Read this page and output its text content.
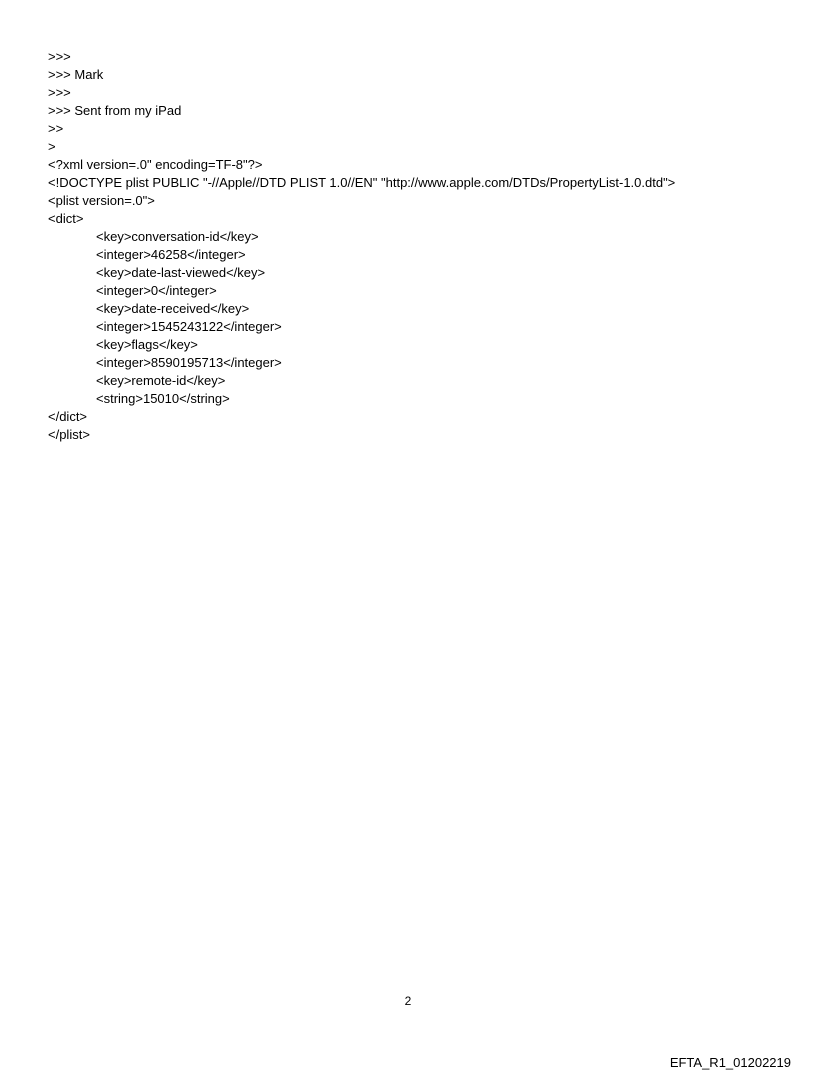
>>>
>>> Mark
>>>
>>> Sent from my iPad
>>
>
<?xml version=.0" encoding=TF-8"?>
<!DOCTYPE plist PUBLIC "-//Apple//DTD PLIST 1.0//EN" "http://www.apple.com/DTDs/PropertyList-1.0.dtd">
<plist version=.0">
<dict>
<key>conversation-id</key>
<integer>46258</integer>
<key>date-last-viewed</key>
<integer>0</integer>
<key>date-received</key>
<integer>1545243122</integer>
<key>flags</key>
<integer>8590195713</integer>
<key>remote-id</key>
<string>15010</string>
</dict>
</plist>
2
EFTA_R1_01202219
